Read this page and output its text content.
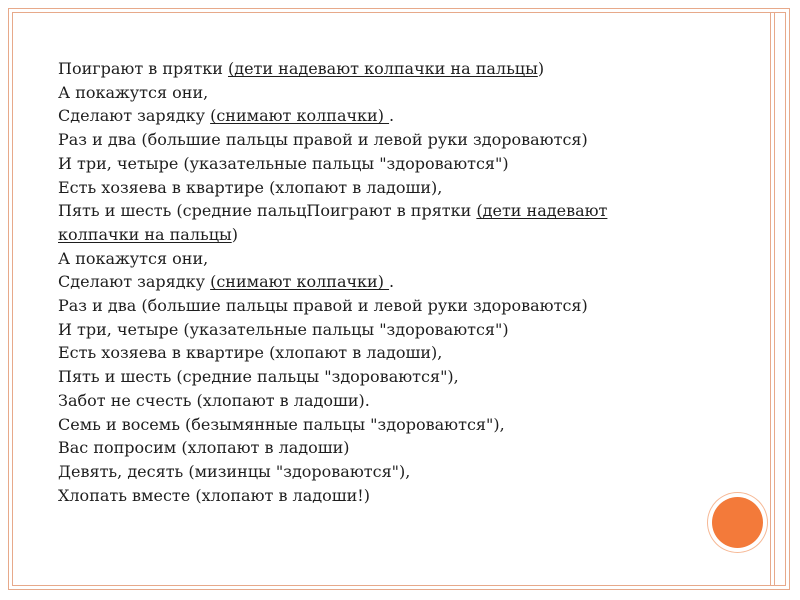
Поиграют в прятки (дети надевают колпачки на пальцы)
А покажутся они,
Сделают зарядку (снимают колпачки) .
Раз и два (большие пальцы правой и левой руки здороваются)
И три, четыре (указательные пальцы "здороваются")
Есть хозяева в квартире (хлопают в ладоши),
Пять и шесть (средние пальцПоиграют в прятки (дети надевают
колпачки на пальцы)
А покажутся они,
Сделают зарядку (снимают колпачки) .
Раз и два (большие пальцы правой и левой руки здороваются)
И три, четыре (указательные пальцы "здороваются")
Есть хозяева в квартире (хлопают в ладоши),
Пять и шесть (средние пальцы "здороваются"),
Забот не счесть (хлопают в ладоши).
Семь и восемь (безымянные пальцы "здороваются"),
Вас попросим (хлопают в ладоши)
Девять, десять (мизинцы "здороваются"),
Хлопать вместе (хлопают в ладоши!)
